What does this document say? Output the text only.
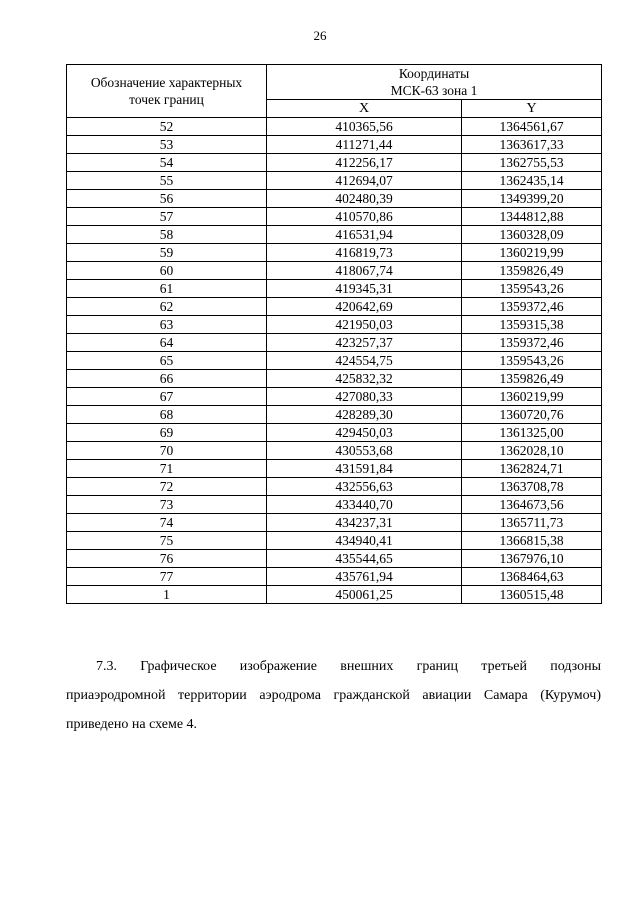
26
Обозначение характерных
точек границ	Координаты
МСК-63 зона 1	
	X	Y
52	410365,56	1364561,67
53	411271,44	1363617,33
54	412256,17	1362755,53
55	412694,07	1362435,14
56	402480,39	1349399,20
57	410570,86	1344812,88
58	416531,94	1360328,09
59	416819,73	1360219,99
60	418067,74	1359826,49
61	419345,31	1359543,26
62	420642,69	1359372,46
63	421950,03	1359315,38
64	423257,37	1359372,46
65	424554,75	1359543,26
66	425832,32	1359826,49
67	427080,33	1360219,99
68	428289,30	1360720,76
69	429450,03	1361325,00
70	430553,68	1362028,10
71	431591,84	1362824,71
72	432556,63	1363708,78
73	433440,70	1364673,56
74	434237,31	1365711,73
75	434940,41	1366815,38
76	435544,65	1367976,10
77	435761,94	1368464,63
1	450061,25	1360515,48
7.3. Графическое изображение внешних границ третьей подзоны
приаэродромной территории аэродрома гражданской авиации Самара (Курумоч)
приведено на схеме 4.
